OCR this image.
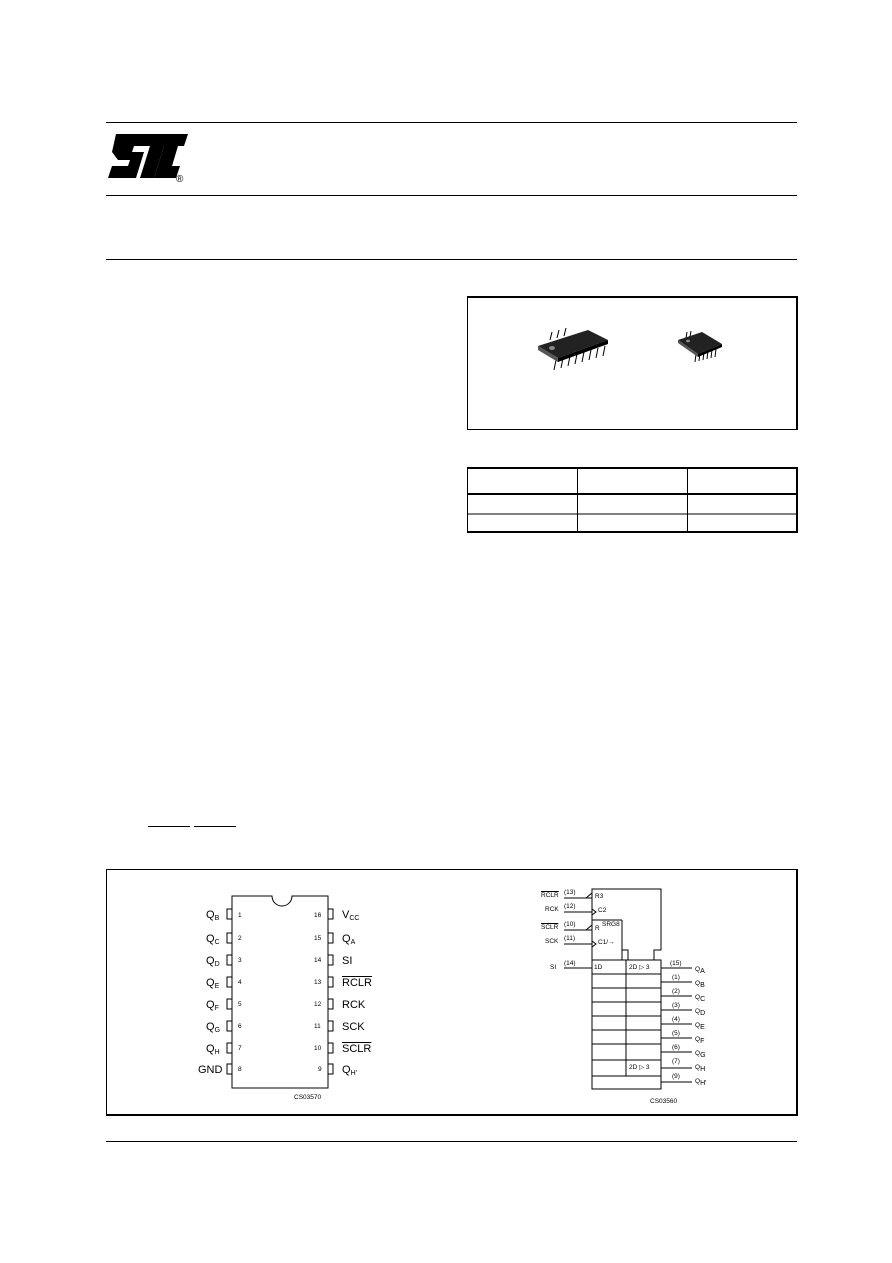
®
$Q_B$
$Q_C$
$Q_D$
$Q_E$
$Q_F$
$Q_G$
$Q_H$
GND
1
2
3
4
5
6
7
8
16
15
14
13
12
11
10
9
$V_{CC}$
$Q_A$
SI
RCLR
RCK
SCK
SCLR
$Q_{H'}$
CS03570
RCLR (13)
RCK (12)
SCLR (10)
SCK (11)
SI
(14)
R3
C2
SRG8
R
C1/→
1D	2D ▷ 3
2D ▷ 3
(15)
QA
(1)
QB
(2)
QC
(3)
QD
(4)
QE
(5)
QF
(6)
QG
(7)
QH
(9)
QH'
CS03560
